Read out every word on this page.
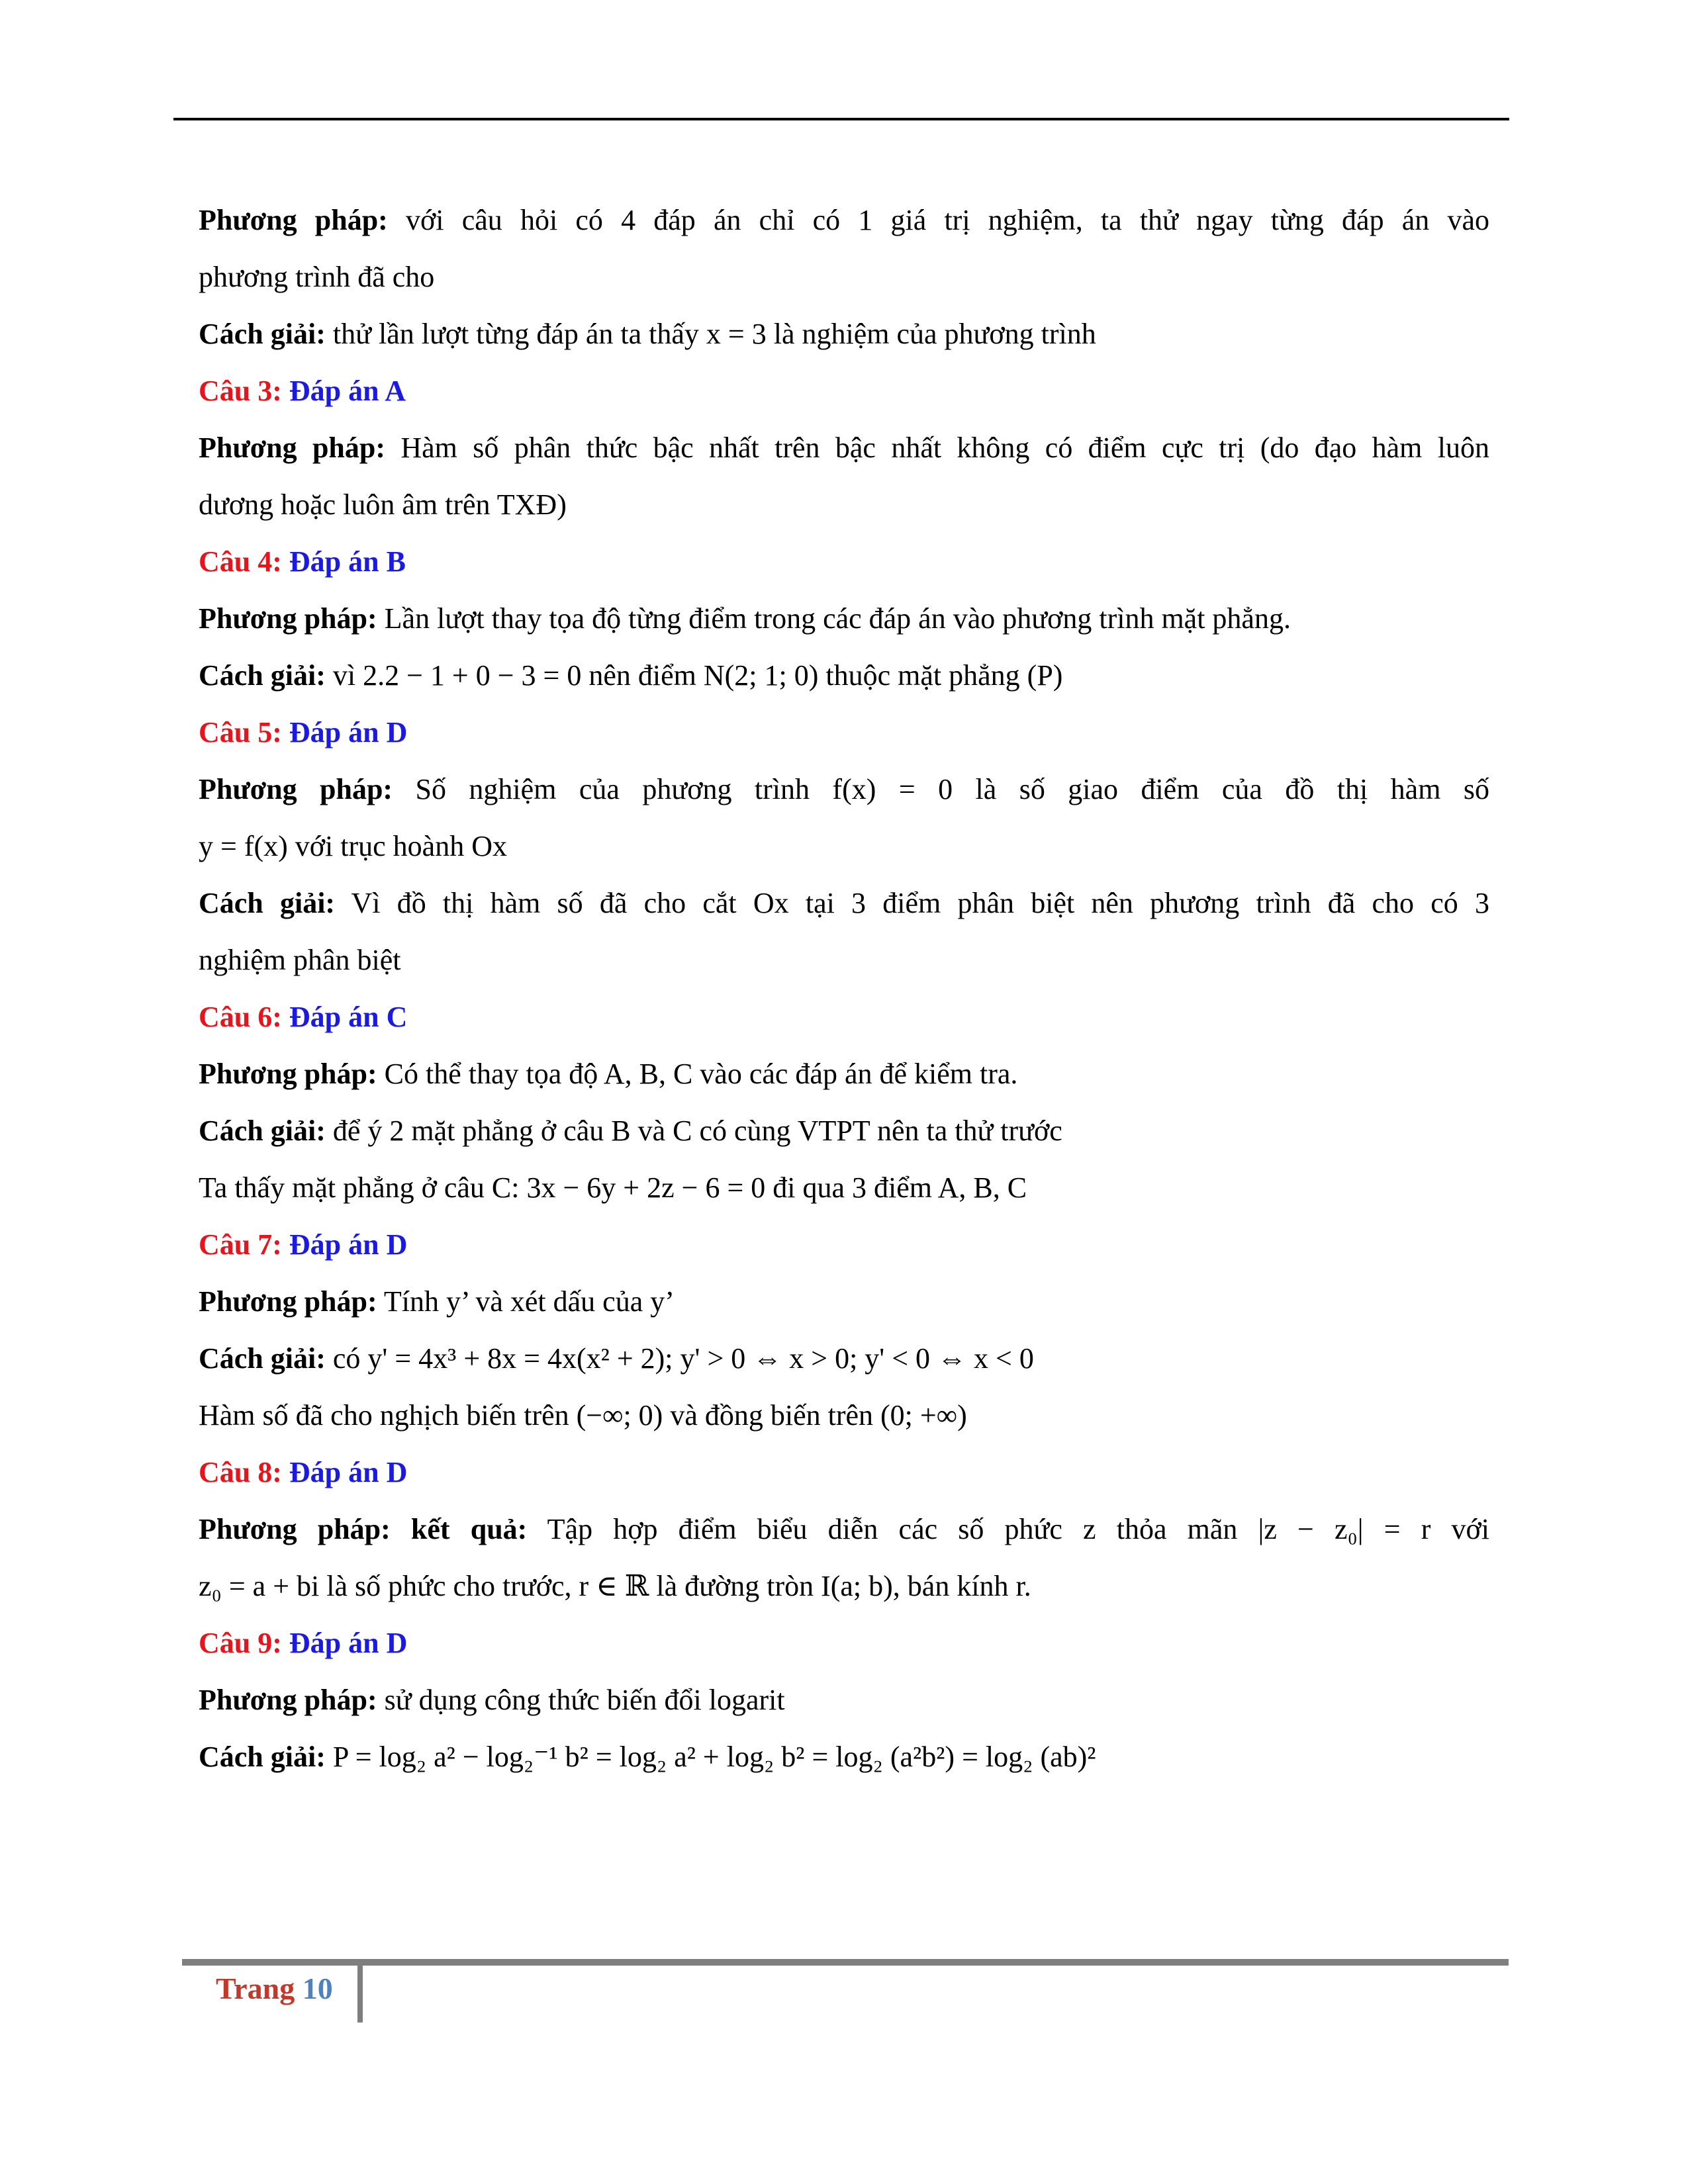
Phương pháp: với câu hỏi có 4 đáp án chỉ có 1 giá trị nghiệm, ta thử ngay từng đáp án vào

phương trình đã cho

Cách giải: thử lần lượt từng đáp án ta thấy x = 3 là nghiệm của phương trình

Câu 3: Đáp án A

Phương pháp: Hàm số phân thức bậc nhất trên bậc nhất không có điểm cực trị (do đạo hàm luôn

dương hoặc luôn âm trên TXĐ)

Câu 4: Đáp án B

Phương pháp: Lần lượt thay tọa độ từng điểm trong các đáp án vào phương trình mặt phẳng.

Cách giải: vì 2.2 − 1 + 0 − 3 = 0 nên điểm N(2; 1; 0) thuộc mặt phẳng (P)

Câu 5: Đáp án D

Phương pháp: Số nghiệm của phương trình f(x) = 0 là số giao điểm của đồ thị hàm số

y = f(x) với trục hoành Ox

Cách giải: Vì đồ thị hàm số đã cho cắt Ox tại 3 điểm phân biệt nên phương trình đã cho có 3

nghiệm phân biệt

Câu 6: Đáp án C

Phương pháp: Có thể thay tọa độ A, B, C vào các đáp án để kiểm tra.

Cách giải: để ý 2 mặt phẳng ở câu B và C có cùng VTPT nên ta thử trước

Ta thấy mặt phẳng ở câu C: 3x − 6y + 2z − 6 = 0 đi qua 3 điểm A, B, C

Câu 7: Đáp án D

Phương pháp: Tính y’ và xét dấu của y’

Cách giải: có y' = 4x³ + 8x = 4x(x² + 2); y' > 0 ⇔ x > 0; y' < 0 ⇔ x < 0

Hàm số đã cho nghịch biến trên (−∞; 0) và đồng biến trên (0; +∞)

Câu 8: Đáp án D

Phương pháp: kết quả: Tập hợp điểm biểu diễn các số phức z thỏa mãn |z − z₀| = r với

z₀ = a + bi là số phức cho trước, r ∈ ℝ là đường tròn I(a; b), bán kính r.

Câu 9: Đáp án D

Phương pháp: sử dụng công thức biến đổi logarit

Cách giải: P = log₂ a² − log₂⁻¹ b² = log₂ a² + log₂ b² = log₂ (a²b²) = log₂ (ab)²

Trang 10
